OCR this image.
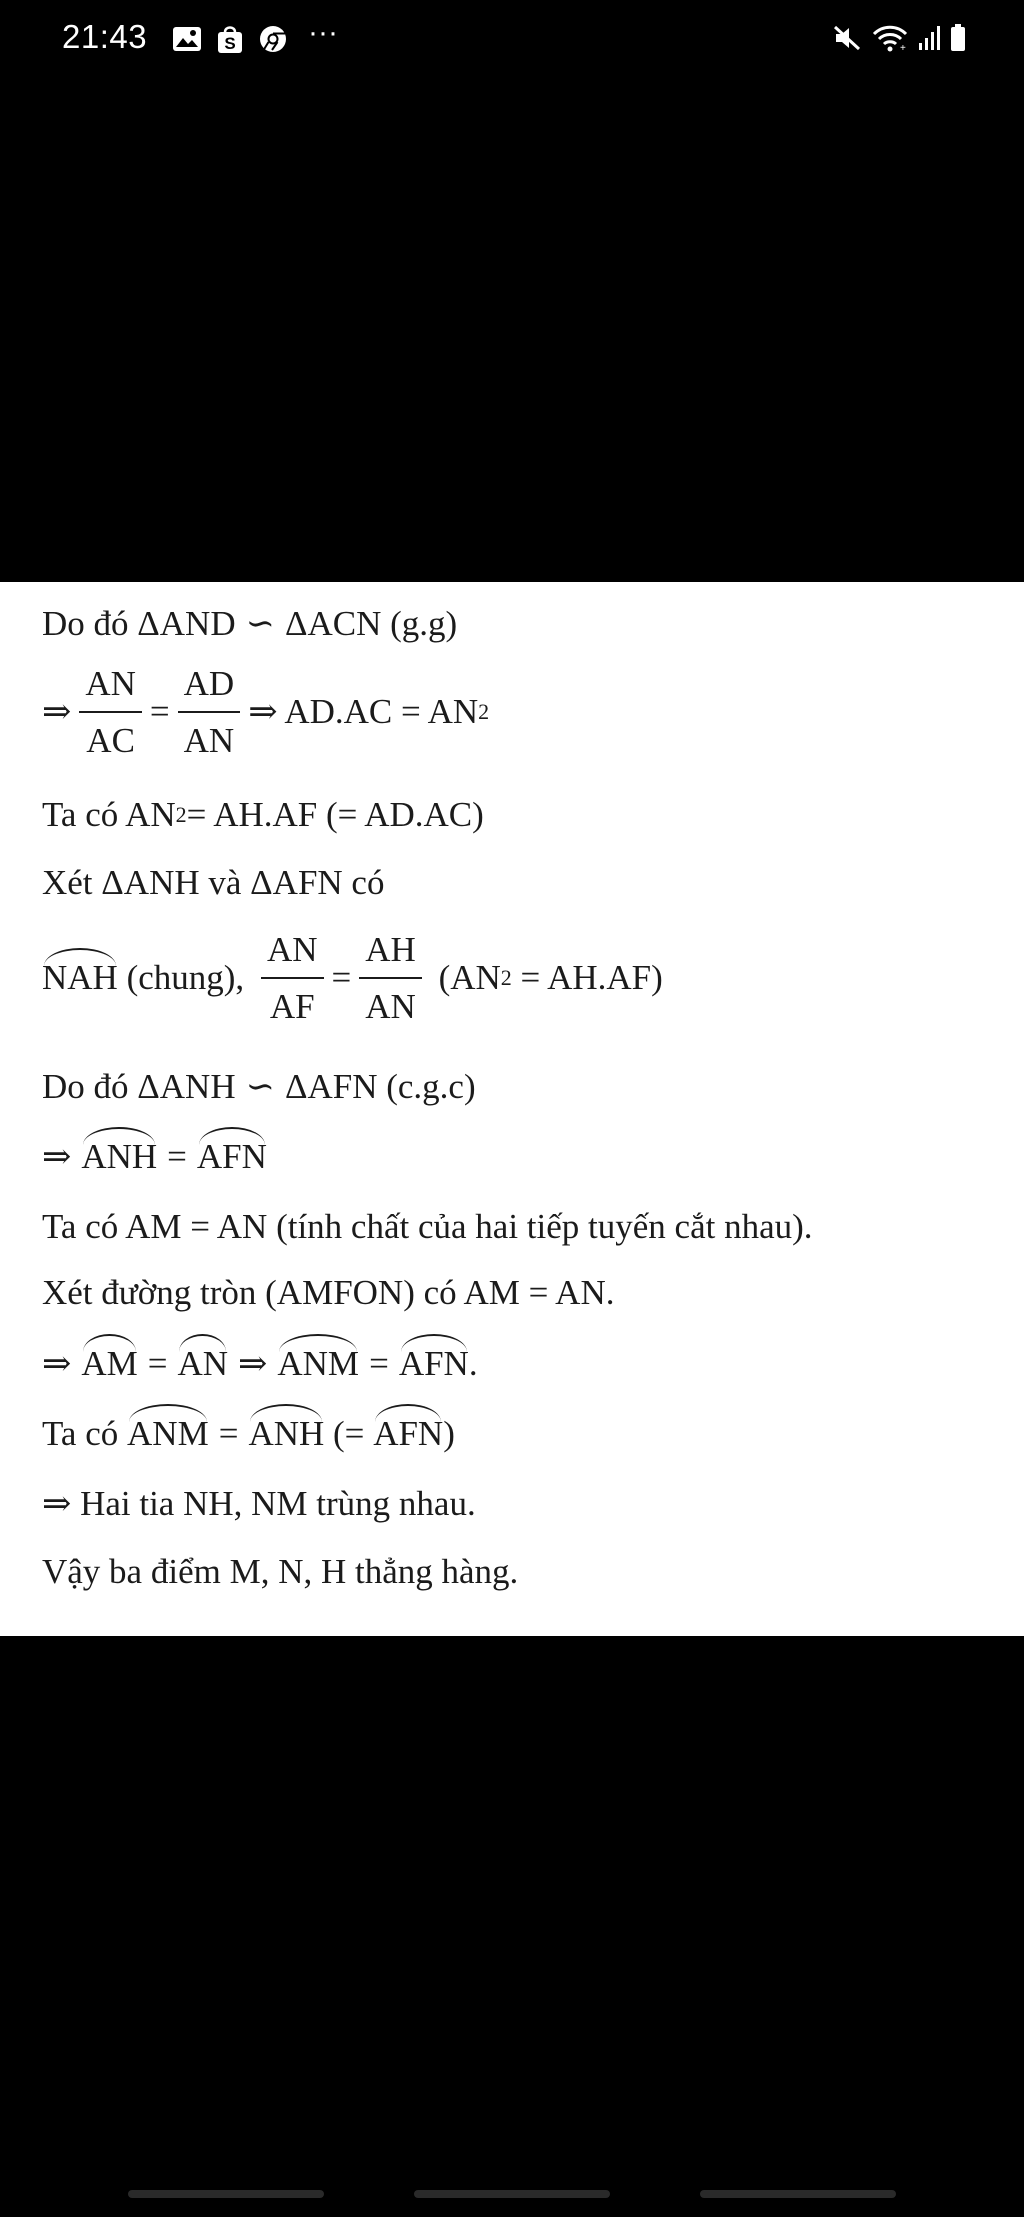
21:43	S ···	+
Do đó ΔAND ∽ ΔACN (g.g)
⇒ $\frac{AN}{AC} = \frac{AD}{AN}$ ⇒ AD.AC = AN 2
Ta có AN 2 = AH.AF (= AD.AC)
Xét ΔANH và ΔAFN có
NAH (chung), $\frac{AN}{AF} = \frac{AH}{AN} (AN$ 2 = AH.AF)
Do đó ΔANH ∽ ΔAFN (c.g.c)
⇒ ANH = AFN
Ta có AM = AN (tính chất của hai tiếp tuyến cắt nhau).
Xét đường tròn (AMFON) có AM = AN.
⇒ AM = AN ⇒ ANM = AFN .
Ta có ANM = ANH (= AFN )
⇒ Hai tia NH, NM trùng nhau.
Vậy ba điểm M, N, H thẳng hàng.
